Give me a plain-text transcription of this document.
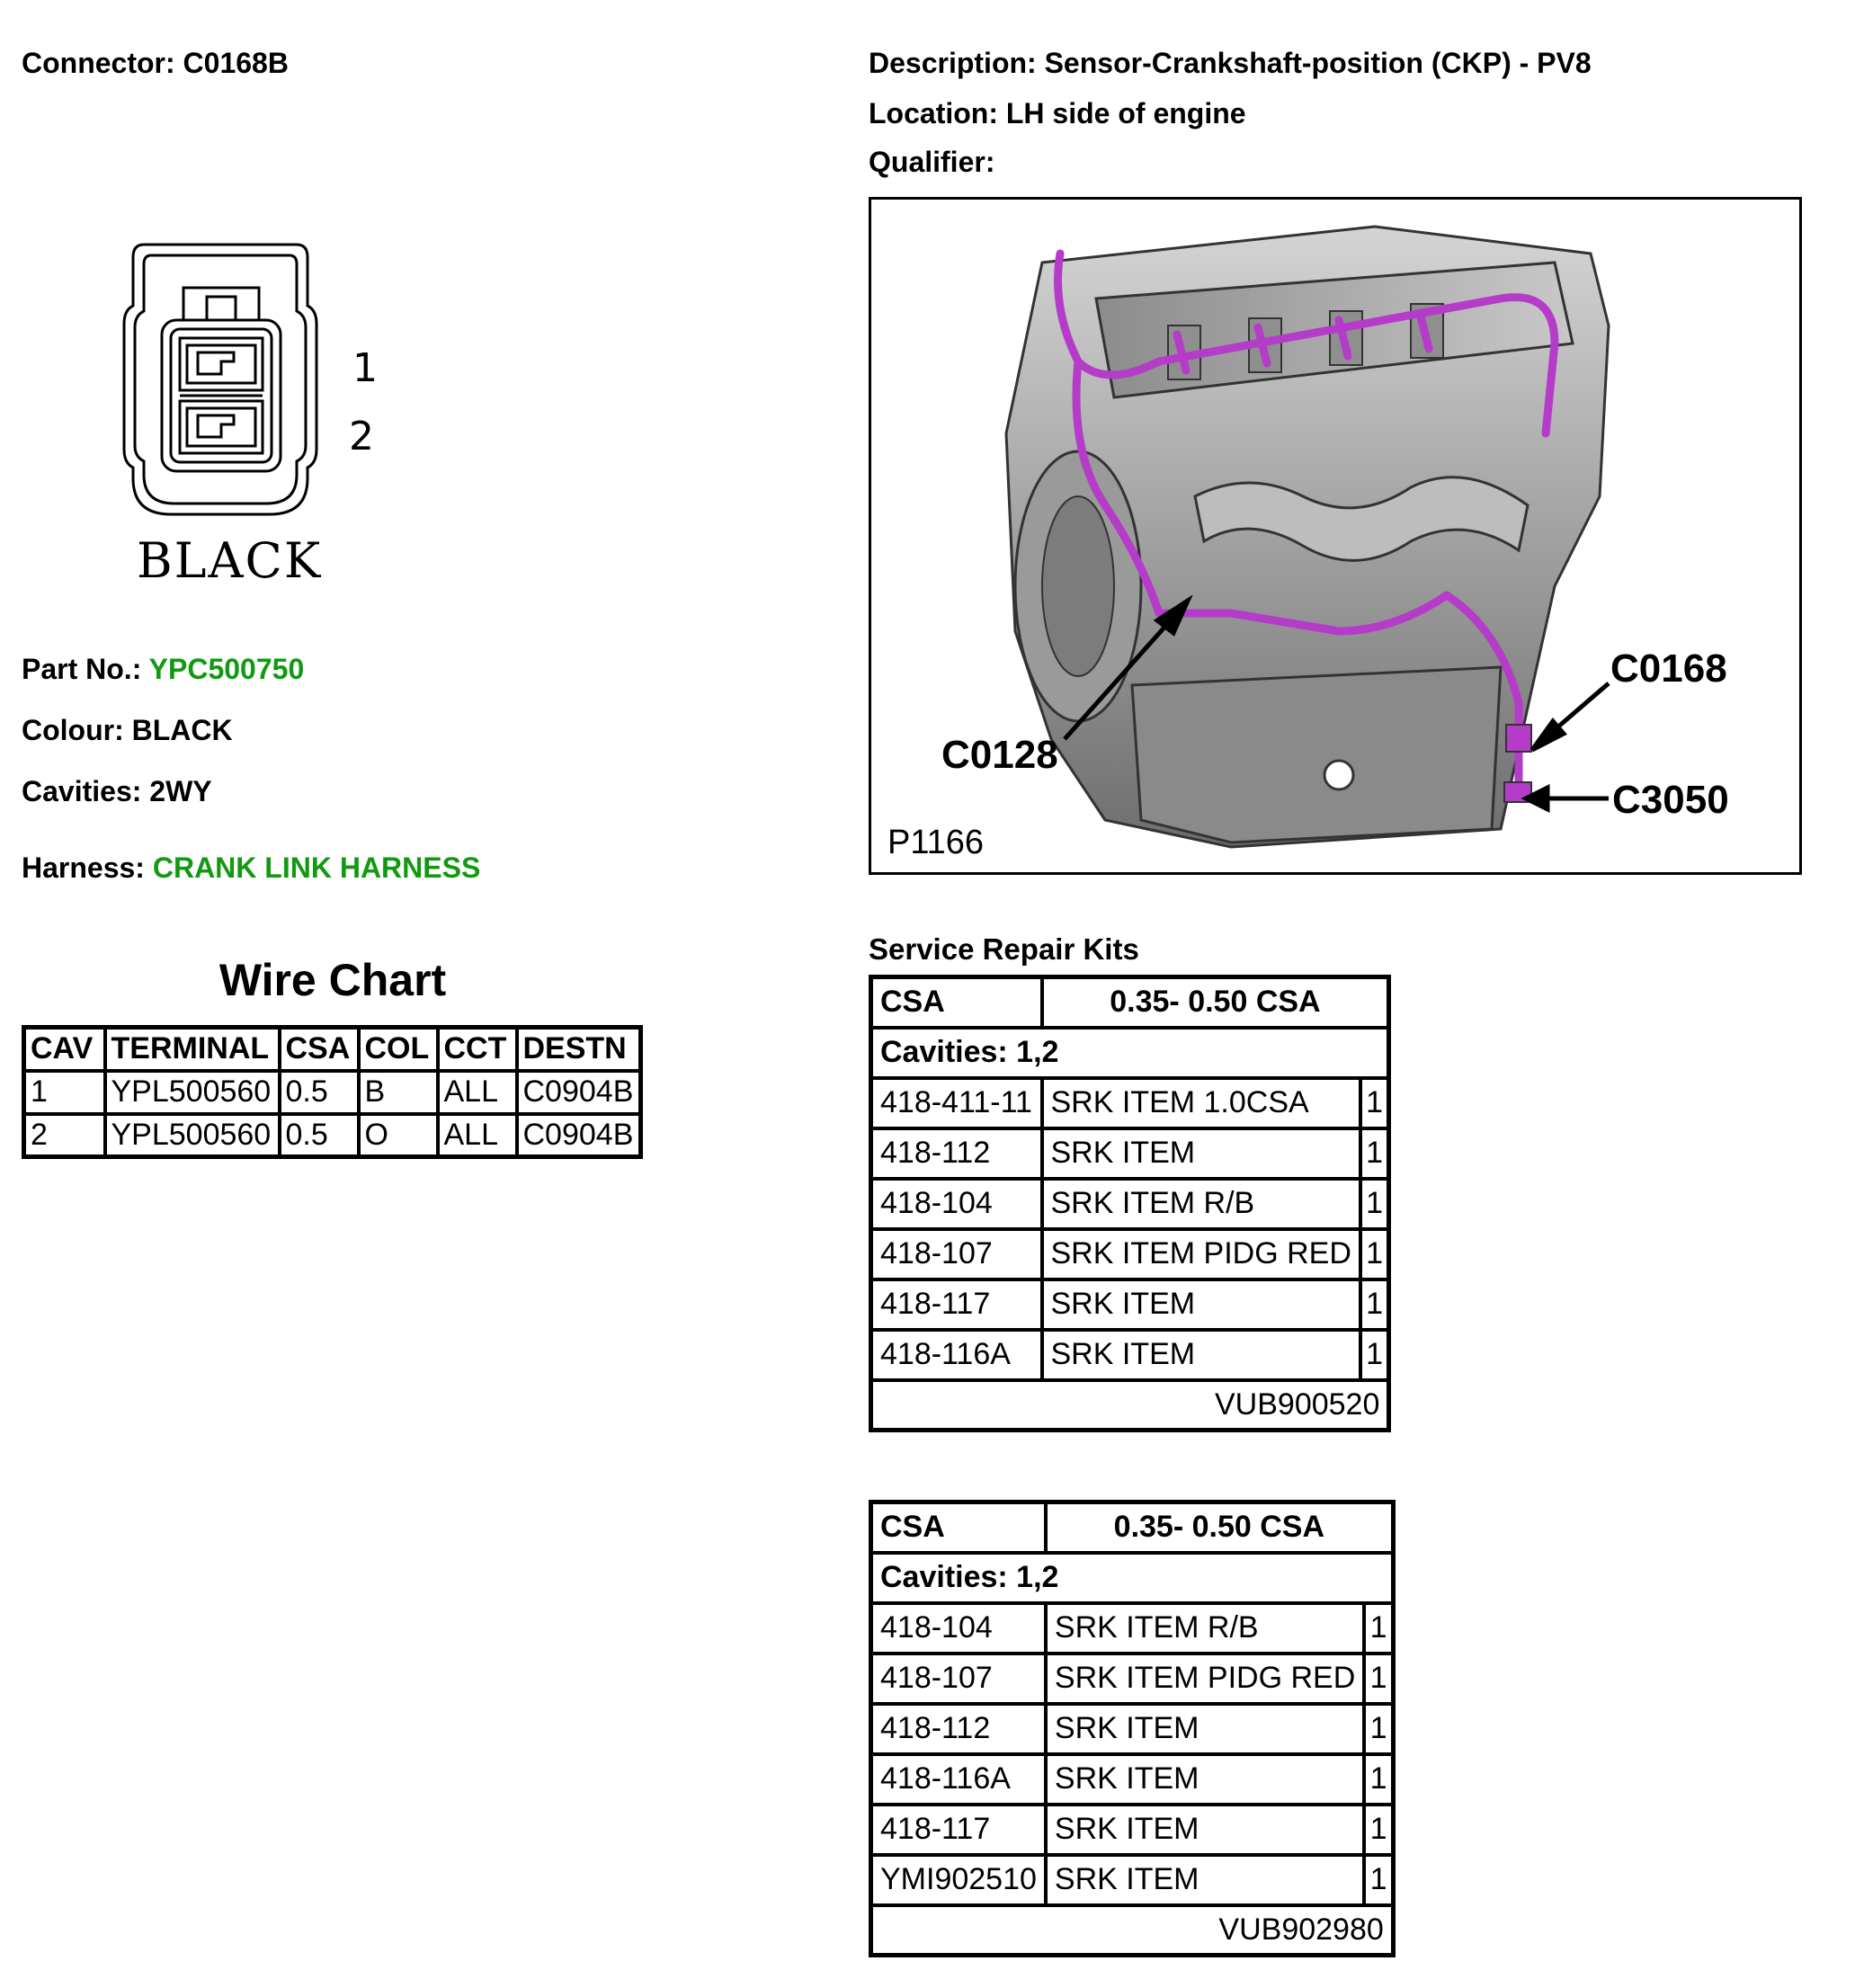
Connector: C0168B	Description: Sensor-Crankshaft-position (CKP) - PV8
Location: LH side of engine
Qualifier:
1
2
BLACK
Part No.: YPC500750
Colour: BLACK
Cavities: 2WY
Harness: CRANK LINK HARNESS
Wire Chart
CAV	TERMINAL	CSA	COL	CCT	DESTN
1	YPL500560	0.5	B	ALL	C0904B
2	YPL500560	0.5	O	ALL	C0904B
C0128
C0168
C3050
P1166
Service Repair Kits
CSA	0.35- 0.50 CSA	
Cavities: 1,2		
418-411-11	SRK ITEM 1.0CSA	1
418-112	SRK ITEM	1
418-104	SRK ITEM R/B	1
418-107	SRK ITEM PIDG RED	1
418-117	SRK ITEM	1
418-116A	SRK ITEM	1
VUB900520		
CSA	0.35- 0.50 CSA	
Cavities: 1,2		
418-104	SRK ITEM R/B	1
418-107	SRK ITEM PIDG RED	1
418-112	SRK ITEM	1
418-116A	SRK ITEM	1
418-117	SRK ITEM	1
YMI902510	SRK ITEM	1
VUB902980		
